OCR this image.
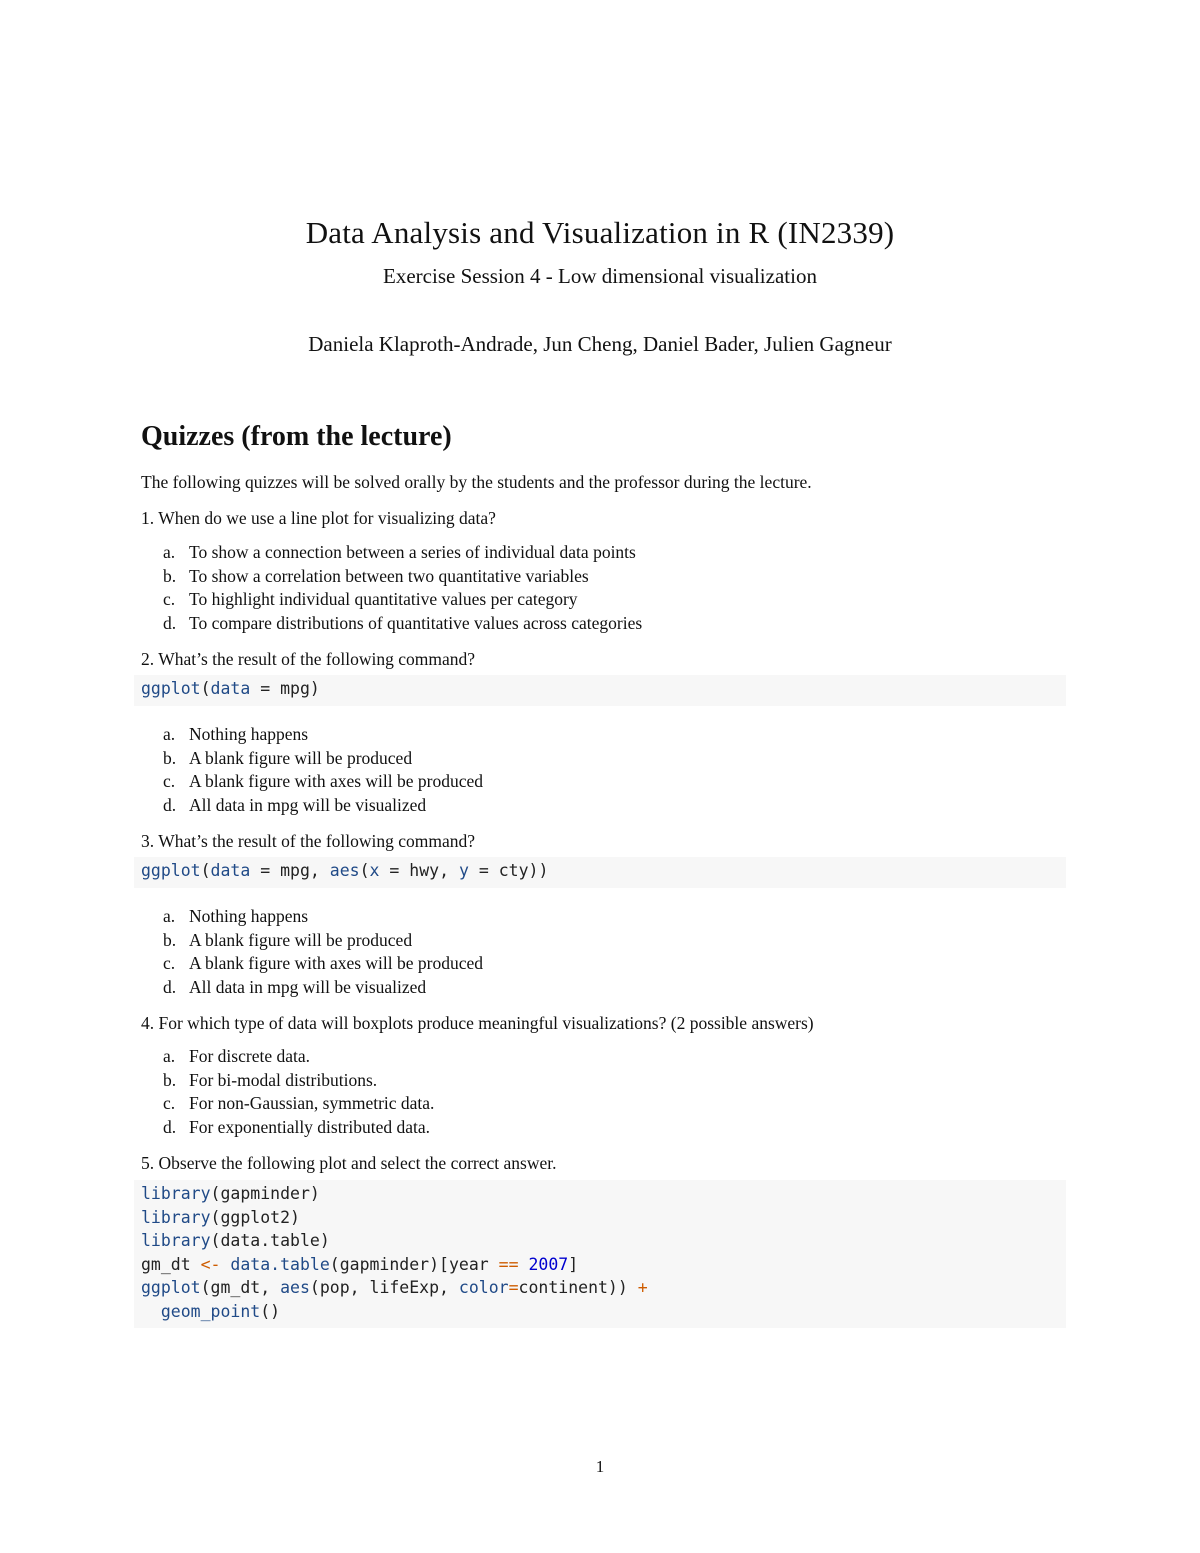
Data Analysis and Visualization in R (IN2339)
Exercise Session 4 - Low dimensional visualization
Daniela Klaproth-Andrade, Jun Cheng, Daniel Bader, Julien Gagneur
Quizzes (from the lecture)
The following quizzes will be solved orally by the students and the professor during the lecture.
1. When do we use a line plot for visualizing data?
a. To show a connection between a series of individual data points
b. To show a correlation between two quantitative variables
c. To highlight individual quantitative values per category
d. To compare distributions of quantitative values across categories
2. What’s the result of the following command?
ggplot(data = mpg)
a. Nothing happens
b. A blank figure will be produced
c. A blank figure with axes will be produced
d. All data in mpg will be visualized
3. What’s the result of the following command?
ggplot(data = mpg, aes(x = hwy, y = cty))
a. Nothing happens
b. A blank figure will be produced
c. A blank figure with axes will be produced
d. All data in mpg will be visualized
4. For which type of data will boxplots produce meaningful visualizations? (2 possible answers)
a. For discrete data.
b. For bi-modal distributions.
c. For non-Gaussian, symmetric data.
d. For exponentially distributed data.
5. Observe the following plot and select the correct answer.
library(gapminder)
library(ggplot2)
library(data.table)
gm_dt <- data.table(gapminder)[year == 2007]
ggplot(gm_dt, aes(pop, lifeExp, color=continent)) +
geom_point()
1
